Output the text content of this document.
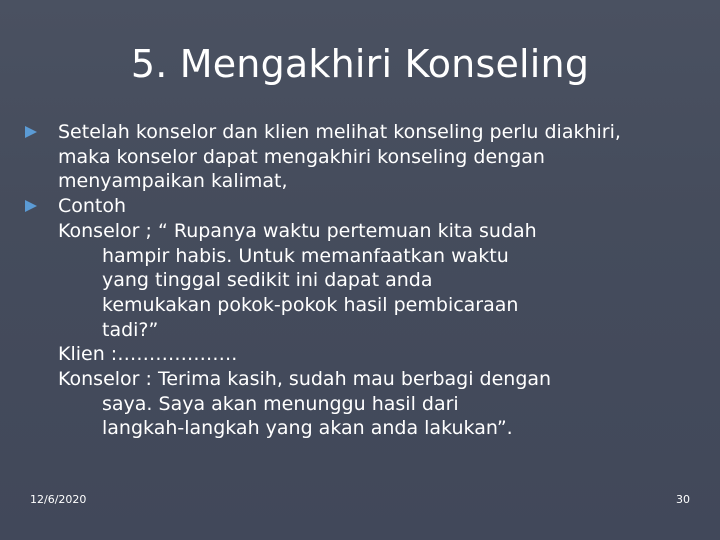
5. Mengakhiri Konseling
Setelah konselor dan klien melihat konseling perlu diakhiri,
maka konselor dapat mengakhiri konseling dengan
menyampaikan kalimat,
Contoh
Konselor ; “ Rupanya waktu pertemuan kita sudah
hampir habis. Untuk memanfaatkan waktu
yang tinggal sedikit ini dapat anda
kemukakan pokok-pokok hasil pembicaraan
tadi?”
Klien :……………….
Konselor : Terima kasih, sudah mau berbagi dengan
saya. Saya akan menunggu hasil dari
langkah-langkah yang akan anda lakukan”.
12/6/2020	30
